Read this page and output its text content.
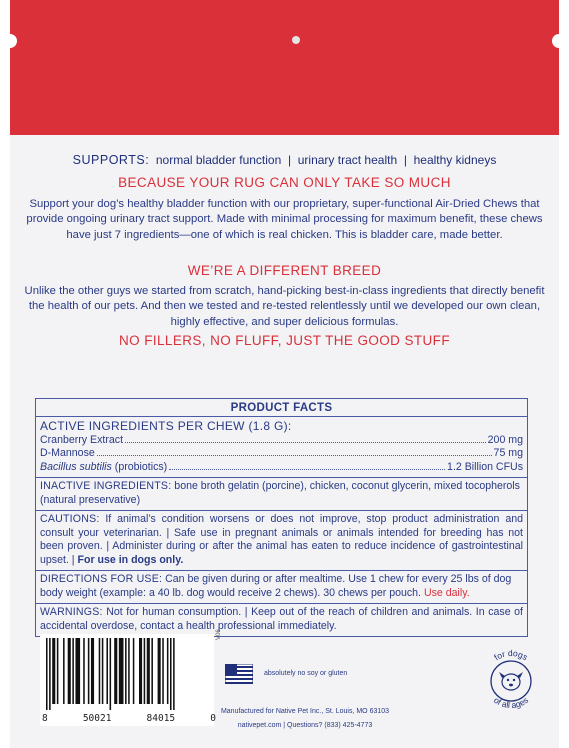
SUPPORTS: normal bladder function | urinary tract health | healthy kidneys
BECAUSE YOUR RUG CAN ONLY TAKE SO MUCH
Support your dog’s healthy bladder function with our proprietary, super-functional Air-Dried Chews that provide ongoing urinary tract support. Made with minimal processing for maximum benefit, these chews have just 7 ingredients—one of which is real chicken. This is bladder care, made better.
WE’RE A DIFFERENT BREED
Unlike the other guys we started from scratch, hand-picking best-in-class ingredients that directly benefit the health of our pets. And then we tested and re-tested relentlessly until we developed our own clean, highly effective, and super delicious formulas.
NO FILLERS, NO FLUFF, JUST THE GOOD STUFF
PRODUCT FACTS
ACTIVE INGREDIENTS PER CHEW (1.8 G):
Cranberry Extract	200 mg
D-Mannose	75 mg
Bacillus subtilis (probiotics)	1.2 Billion CFUs
INACTIVE INGREDIENTS: bone broth gelatin (porcine), chicken, coconut glycerin, mixed tocopherols (natural preservative)
CAUTIONS: If animal’s condition worsens or does not improve, stop product administration and consult your veterinarian. | Safe use in pregnant animals or animals intended for breeding has not been proven. | Administer during or after the animal has eaten to reduce incidence of gastrointestinal upset. | For use in dogs only.
DIRECTIONS FOR USE: Can be given during or after mealtime. Use 1 chew for every 25 lbs of dog body weight (example: a 40 lb. dog would receive 2 chews). 30 chews per pouch. Use daily.
WARNINGS: Not for human consumption. | Keep out of the reach of children and animals. In case of accidental overdose, contact a health professional immediately.
8	50021	84015	0
V06
absolutely no soy or gluten
Manufactured for Native Pet Inc., St. Louis, MO 63103
nativepet.com | Questions? (833) 425-4773
for dogs
of all ages
